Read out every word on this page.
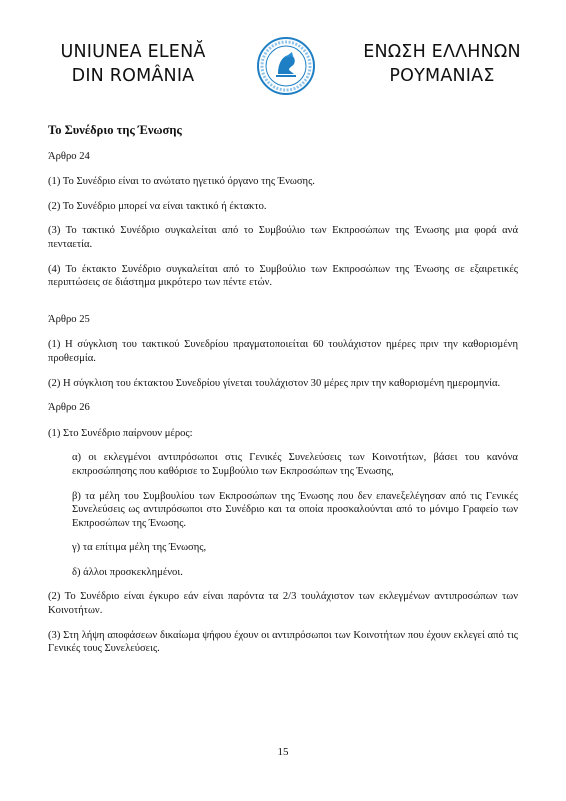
UNIUNEA ELENĂ
DIN ROMÂNIA
ΕΝΩΣΗ ΕΛΛΗΝΩΝ
ΡΟΥΜΑΝΙΑΣ
Το Συνέδριο της Ένωσης
Άρθρο 24
(1) Το Συνέδριο είναι το ανώτατο ηγετικό όργανο της Ένωσης.
(2) Το Συνέδριο μπορεί να είναι τακτικό ή έκτακτο.
(3) Το τακτικό Συνέδριο συγκαλείται από το Συμβούλιο των Εκπροσώπων της Ένωσης μια φορά ανά πενταετία.
(4) Το έκτακτο Συνέδριο συγκαλείται από το Συμβούλιο των Εκπροσώπων της Ένωσης σε εξαιρετικές περιπτώσεις σε διάστημα μικρότερο των πέντε ετών.
Άρθρο 25
(1) Η σύγκλιση του τακτικού Συνεδρίου πραγματοποιείται 60 τουλάχιστον ημέρες πριν την καθορισμένη προθεσμία.
(2) Η σύγκλιση του έκτακτου Συνεδρίου γίνεται τουλάχιστον 30 μέρες πριν την καθορισμένη ημερομηνία.
Άρθρο 26
(1) Στο Συνέδριο παίρνουν μέρος:
α) οι εκλεγμένοι αντιπρόσωποι στις Γενικές Συνελεύσεις των Κοινοτήτων, βάσει του κανόνα εκπροσώπησης που καθόρισε το Συμβούλιο των Εκπροσώπων της Ένωσης,
β) τα μέλη του Συμβουλίου των Εκπροσώπων της Ένωσης που δεν επανεξελέγησαν από τις Γενικές Συνελεύσεις ως αντιπρόσωποι στο Συνέδριο και τα οποία προσκαλούνται από το μόνιμο Γραφείο των Εκπροσώπων της Ένωσης.
γ) τα επίτιμα μέλη της Ένωσης,
δ) άλλοι προσκεκλημένοι.
(2) Το Συνέδριο είναι έγκυρο εάν είναι παρόντα τα 2/3 τουλάχιστον των εκλεγμένων αντιπροσώπων των Κοινοτήτων.
(3) Στη λήψη αποφάσεων δικαίωμα ψήφου έχουν οι αντιπρόσωποι των Κοινοτήτων που έχουν εκλεγεί από τις Γενικές τους Συνελεύσεις.
15
